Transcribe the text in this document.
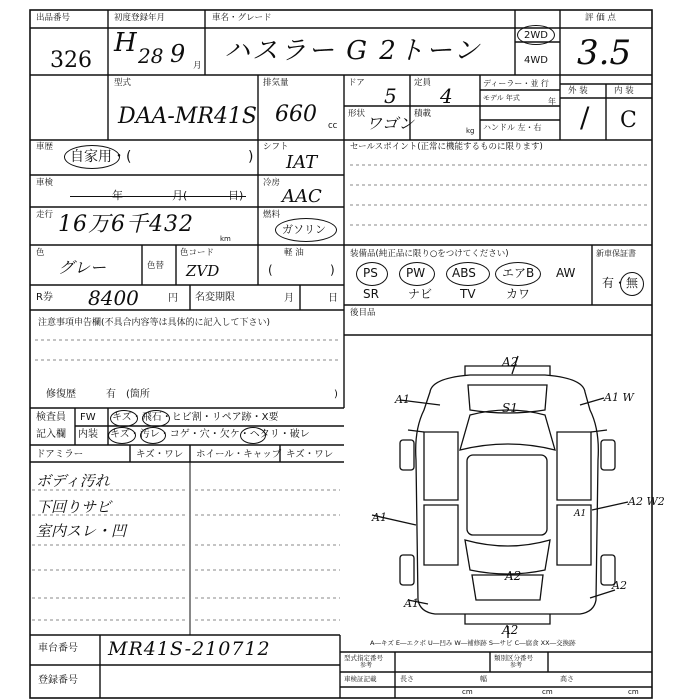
出品番号
326
初度登録年月
H 28 9 月
車名・グレード
ハスラー G 2トーン
2WD
4WD
評 価 点
3.5
型式
DAA-MR41S
排気量
660 cc
ドア
5
定員
4
形状 ワゴン 積載
kg
ディーラー・並 行
モデル 年式	年
ハンドル 左・右
外 装	内 装
/ C
車歴
自家用・(	)
シフト
IAT
車検
年	月(	日)
冷房
AAC
走行 16万6千432
km
燃料
ガソリン
色
グレー	色替
色コード
ZVD
軽 油
(	)
R券 8400	円 名変期限	月	日
セールスポイント(正常に機能するものに限ります)
装備品(純正品に限り○をつけてください)
PS PW ABS エアB AW
SR ナビ TV	カワ
新車保証書
有・無
後目品
注意事項申告欄(不具合内容等は具体的に記入して下さい)
修復歴	有 (箇所	)
検査員
記入欄
FW キズ・飛石・ヒビ割・リペア跡・X要
内装 キズ・汚レ・コゲ・穴・欠ケ・ヘタリ・破レ
ドアミラー	キズ・ワレ ホイール・キャップ キズ・ワレ
ボディ汚れ
下回りサビ
室内スレ・凹
A2
A1	A1 W
S1
A2 W2
A1	A1
A2
A2
A1
A2
A―キズ E―エクボ U―凹み W―補修跡 S―サビ C―腐食 XX―交換跡
車台番号 MR41S-210712
登録番号
型式指定番号
参考
類別区分番号
参考
車検証記載	長さ	幅	高さ
cm	cm	cm
